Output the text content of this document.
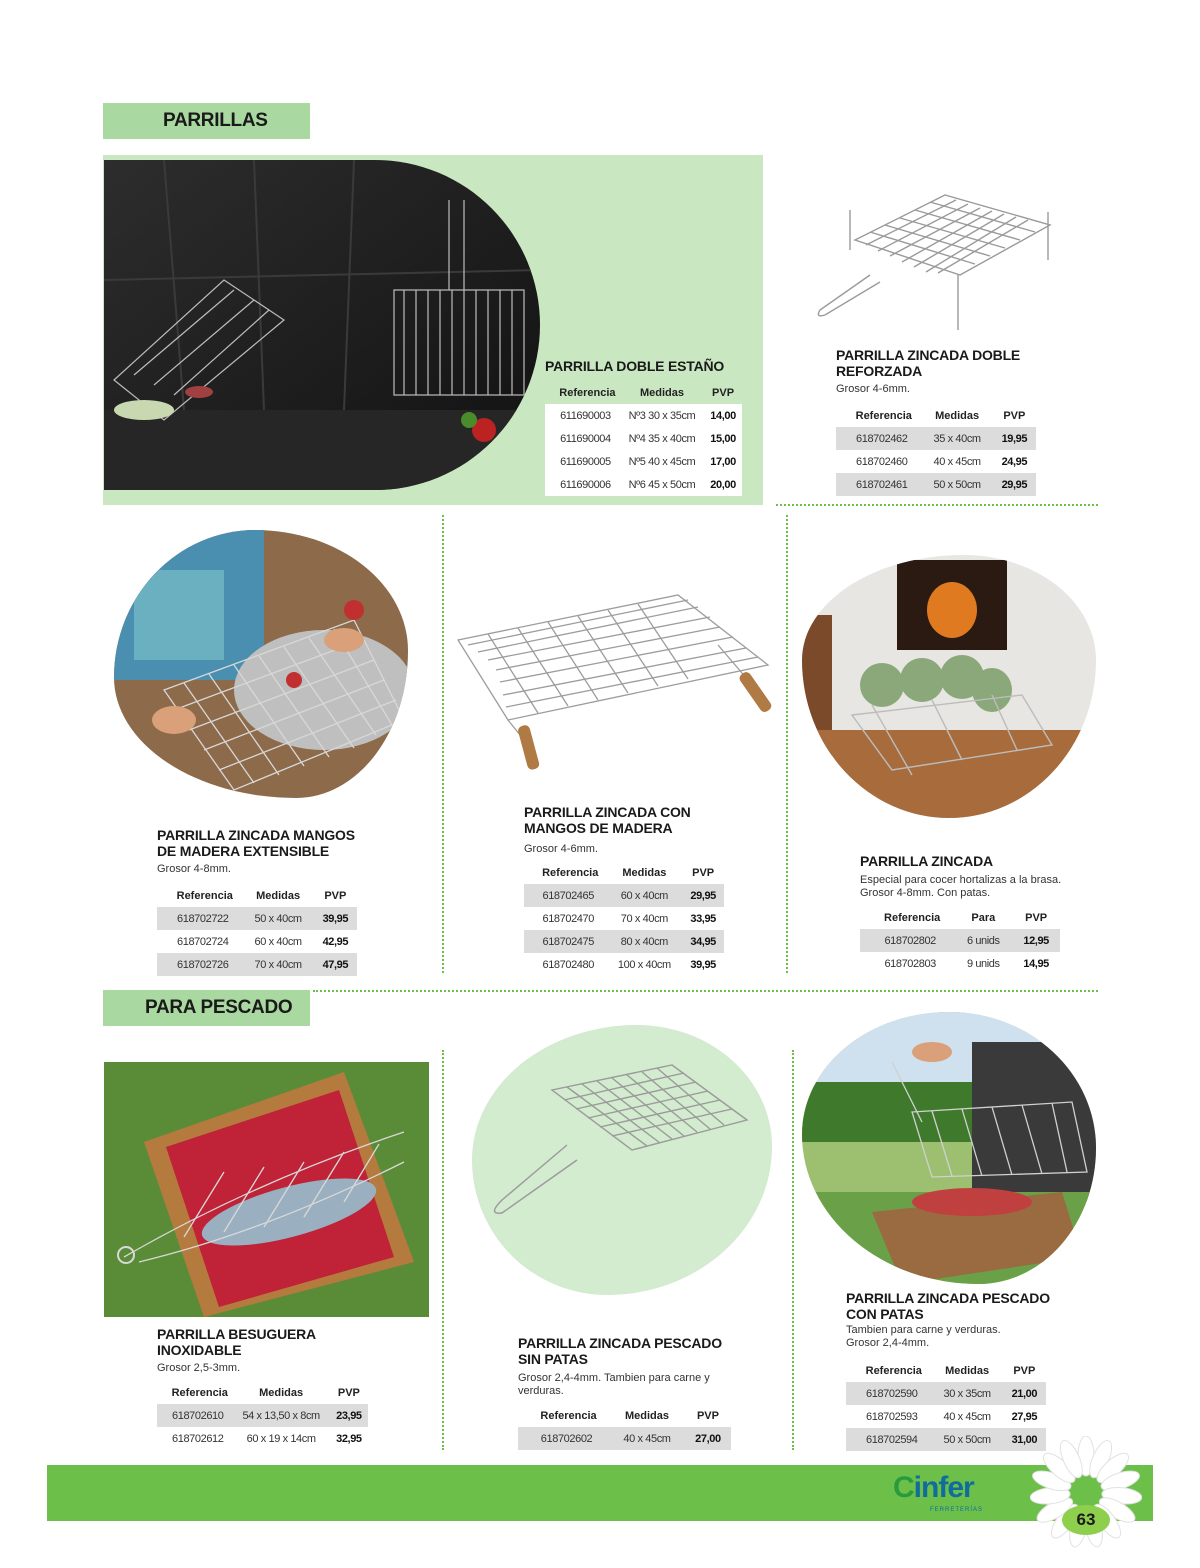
PARRILLAS
PARRILLA DOBLE ESTAÑO
Referencia	Medidas	PVP
611690003	Nº3 30 x 35cm	14,00
611690004	Nº4 35 x 40cm	15,00
611690005	Nº5 40 x 45cm	17,00
611690006	Nº6 45 x 50cm	20,00
PARRILLA ZINCADA DOBLE
REFORZADA
Grosor 4-6mm.
Referencia	Medidas	PVP
618702462	35 x 40cm	19,95
618702460	40 x 45cm	24,95
618702461	50 x 50cm	29,95
PARRILLA ZINCADA MANGOS
DE MADERA EXTENSIBLE
Grosor 4-8mm.
Referencia	Medidas	PVP
618702722	50 x 40cm	39,95
618702724	60 x 40cm	42,95
618702726	70 x 40cm	47,95
PARRILLA ZINCADA CON
MANGOS DE MADERA
Grosor 4-6mm.
Referencia	Medidas	PVP
618702465	60 x 40cm	29,95
618702470	70 x 40cm	33,95
618702475	80 x 40cm	34,95
618702480	100 x 40cm	39,95
PARRILLA ZINCADA
Especial para cocer hortalizas a la brasa.
Grosor 4-8mm. Con patas.
Referencia	Para	PVP
618702802	6 unids	12,95
618702803	9 unids	14,95
PARA PESCADO
PARRILLA BESUGUERA
INOXIDABLE
Grosor 2,5-3mm.
Referencia	Medidas	PVP
618702610	54 x 13,50 x 8cm	23,95
618702612	60 x 19 x 14cm	32,95
PARRILLA ZINCADA PESCADO
SIN PATAS
Grosor 2,4-4mm. Tambien para carne y
verduras.
Referencia	Medidas	PVP
618702602	40 x 45cm	27,00
PARRILLA ZINCADA PESCADO
CON PATAS
Tambien para carne y verduras.
Grosor 2,4-4mm.
Referencia	Medidas	PVP
618702590	30 x 35cm	21,00
618702593	40 x 45cm	27,95
618702594	50 x 50cm	31,00
Cinfer
FERRETERÍAS	63
